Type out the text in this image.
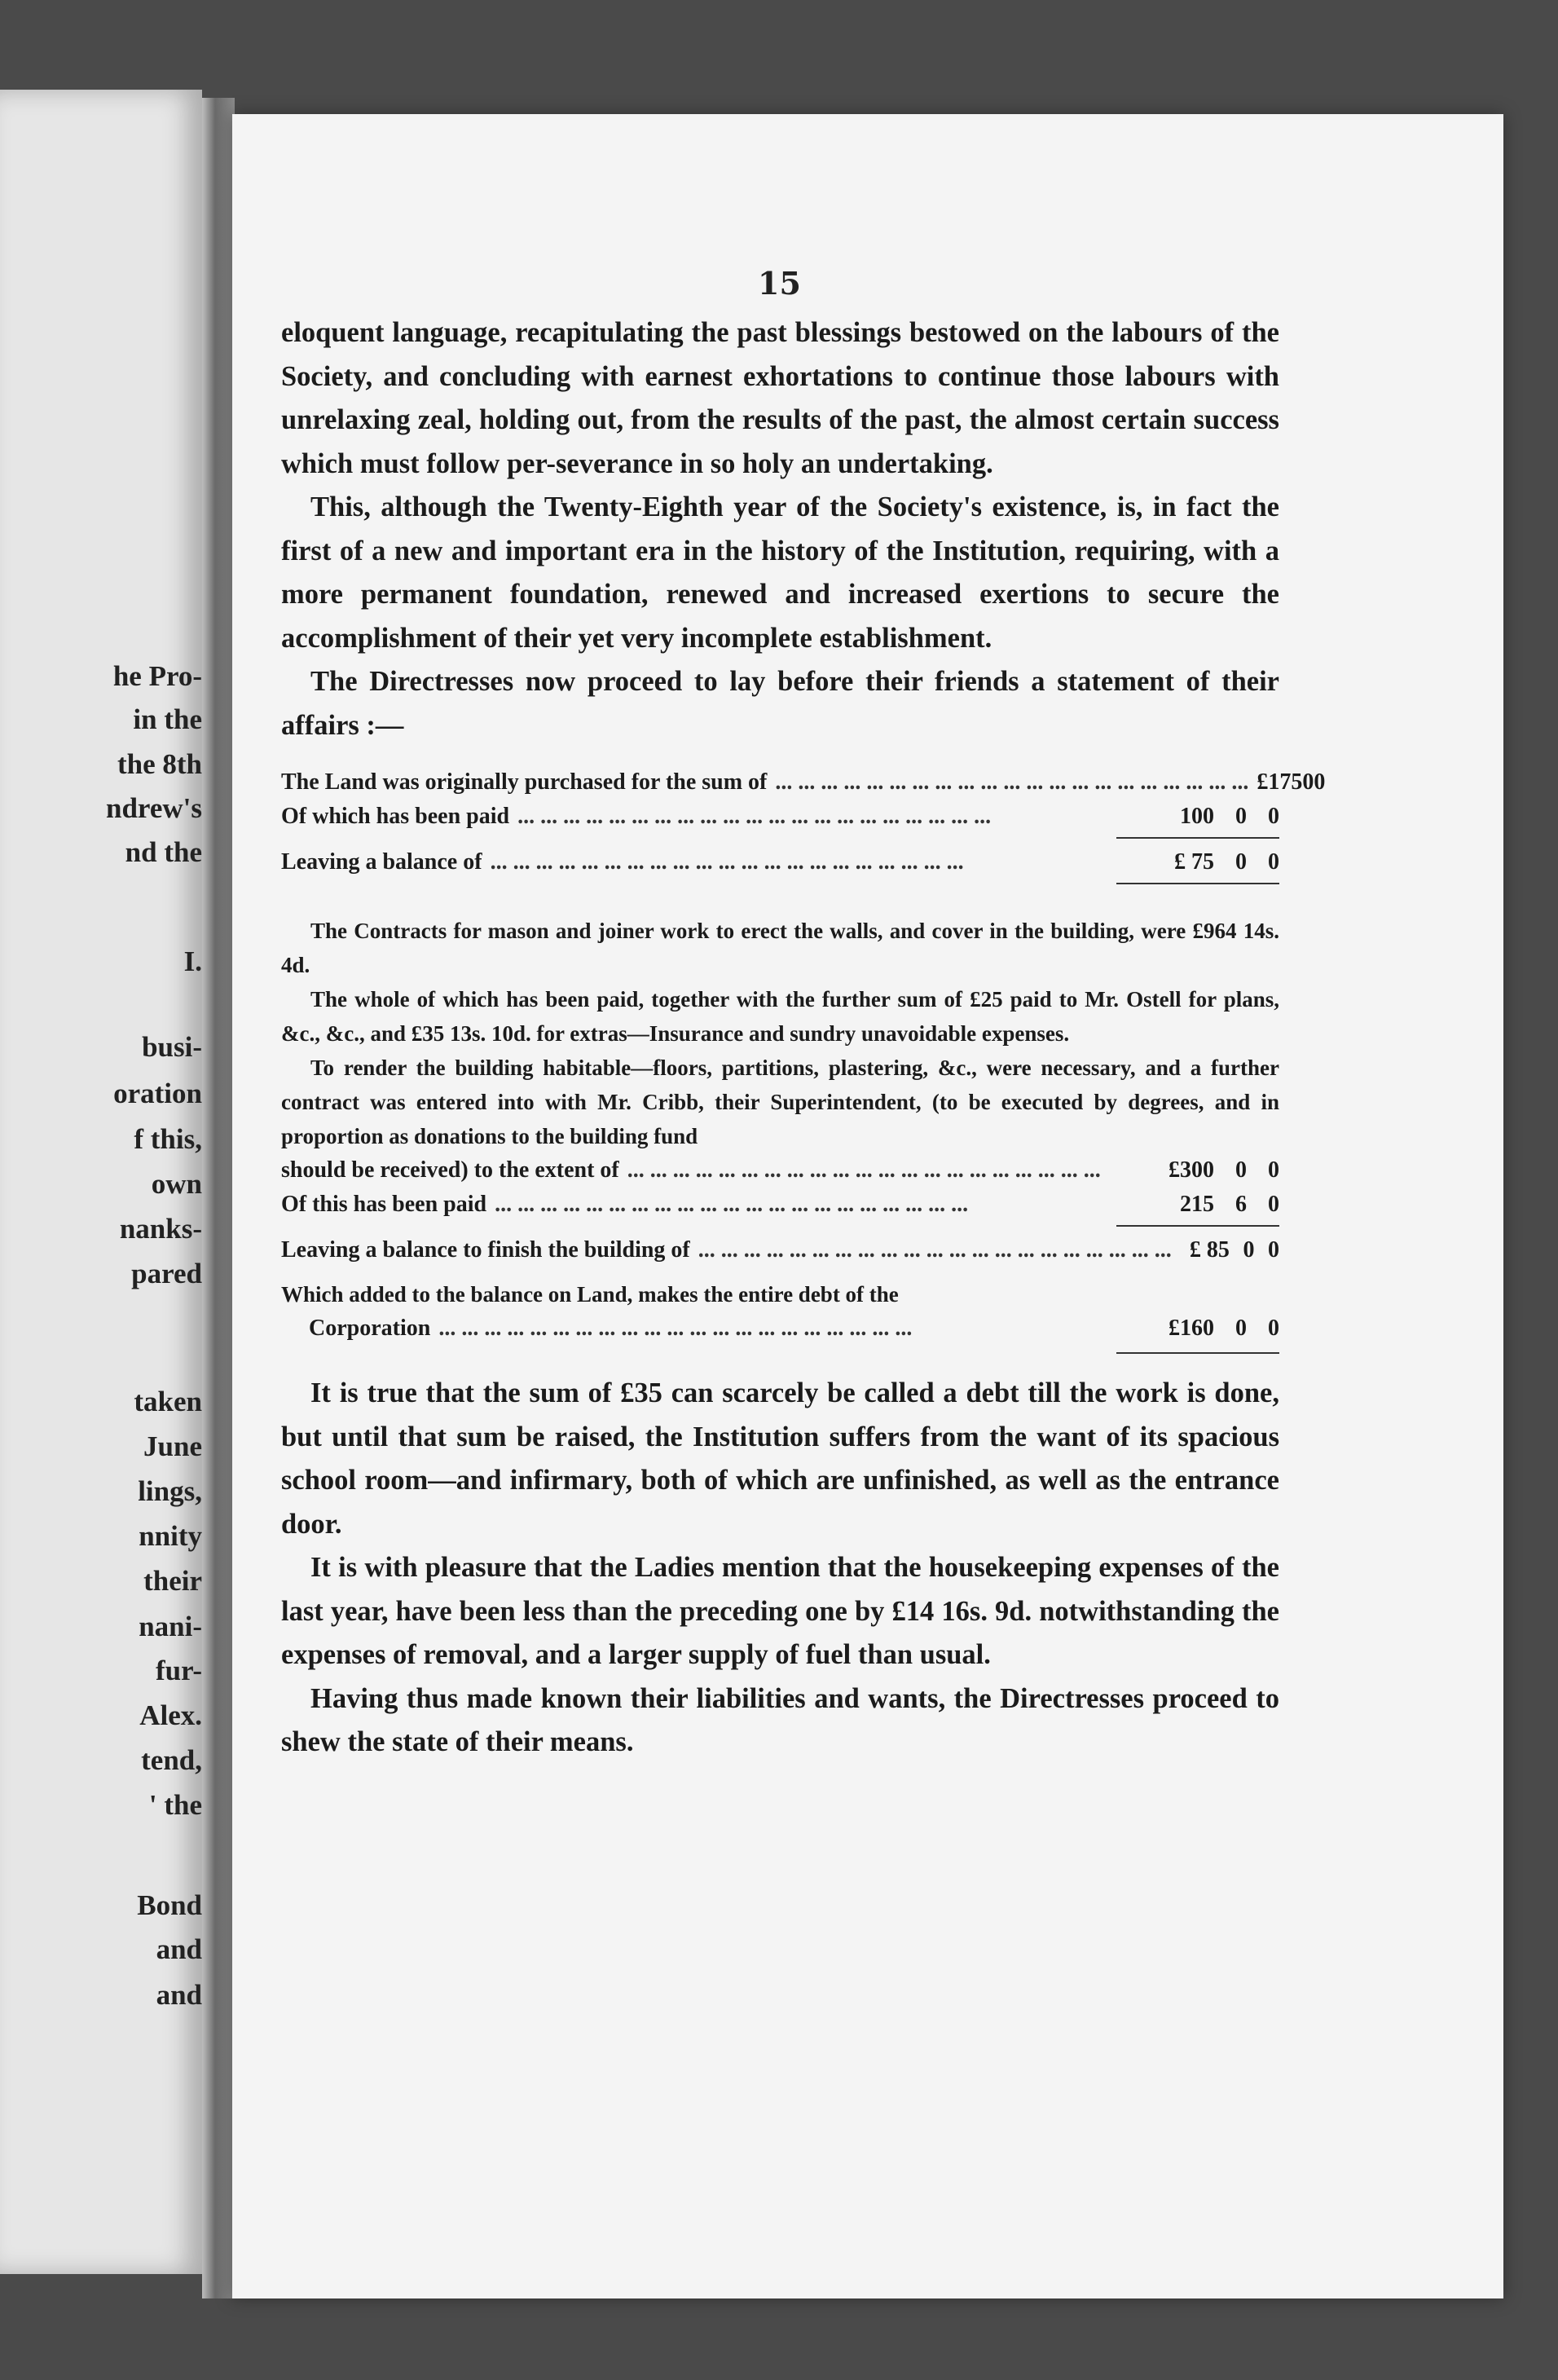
he Pro-
in the
the 8th
ndrew's
nd the
I.
busi-
oration
f this,
own
nanks-
pared
taken
June
lings,
nnity
their
nani-
fur-
Alex.
tend,
' the
Bond
and
and
15

eloquent language, recapitulating the past blessings bestowed on the labours of the Society, and concluding with earnest exhortations to continue those labours with unrelaxing zeal, holding out, from the results of the past, the almost certain success which must follow per-severance in so holy an undertaking.

This, although the Twenty-Eighth year of the Society's existence, is, in fact the first of a new and important era in the history of the Institution, requiring, with a more permanent foundation, renewed and increased exertions to secure the accomplishment of their yet very incomplete establishment.

The Directresses now proceed to lay before their friends a statement of their affairs :—

The Land was originally purchased for the sum of ... ... ... ... ... ... ... ... ... ... ... ... ... ... ... ... ... ... ... ... ... £175 0 0
Of which has been paid ... ... ... ... ... ... ... ... ... ... ... ... ... ... ... ... ... ... ... ... ...	100 0 0
Leaving a balance of ... ... ... ... ... ... ... ... ... ... ... ... ... ... ... ... ... ... ... ... ...	£ 75 0 0

The Contracts for mason and joiner work to erect the walls, and cover in the building, were £964 14s. 4d.

The whole of which has been paid, together with the further sum of £25 paid to Mr. Ostell for plans, &c., &c., and £35 13s. 10d. for extras—Insurance and sundry unavoidable expenses.

To render the building habitable—floors, partitions, plastering, &c., were necessary, and a further contract was entered into with Mr. Cribb, their Superintendent, (to be executed by degrees, and in proportion as donations to the building fund

should be received) to the extent of ... ... ... ... ... ... ... ... ... ... ... ... ... ... ... ... ... ... ... ... ...	£300 0 0
Of this has been paid ... ... ... ... ... ... ... ... ... ... ... ... ... ... ... ... ... ... ... ... ...	215 6 0
Leaving a balance to finish the building of ... ... ... ... ... ... ... ... ... ... ... ... ... ... ... ... ... ... ... ... ... £ 85 0 0

Which added to the balance on Land, makes the entire debt of the

Corporation ... ... ... ... ... ... ... ... ... ... ... ... ... ... ... ... ... ... ... ... ...	£160 0 0

It is true that the sum of £35 can scarcely be called a debt till the work is done, but until that sum be raised, the Institution suffers from the want of its spacious school room—and infirmary, both of which are unfinished, as well as the entrance door.

It is with pleasure that the Ladies mention that the housekeeping expenses of the last year, have been less than the preceding one by £14 16s. 9d. notwithstanding the expenses of removal, and a larger supply of fuel than usual.

Having thus made known their liabilities and wants, the Directresses proceed to shew the state of their means.
